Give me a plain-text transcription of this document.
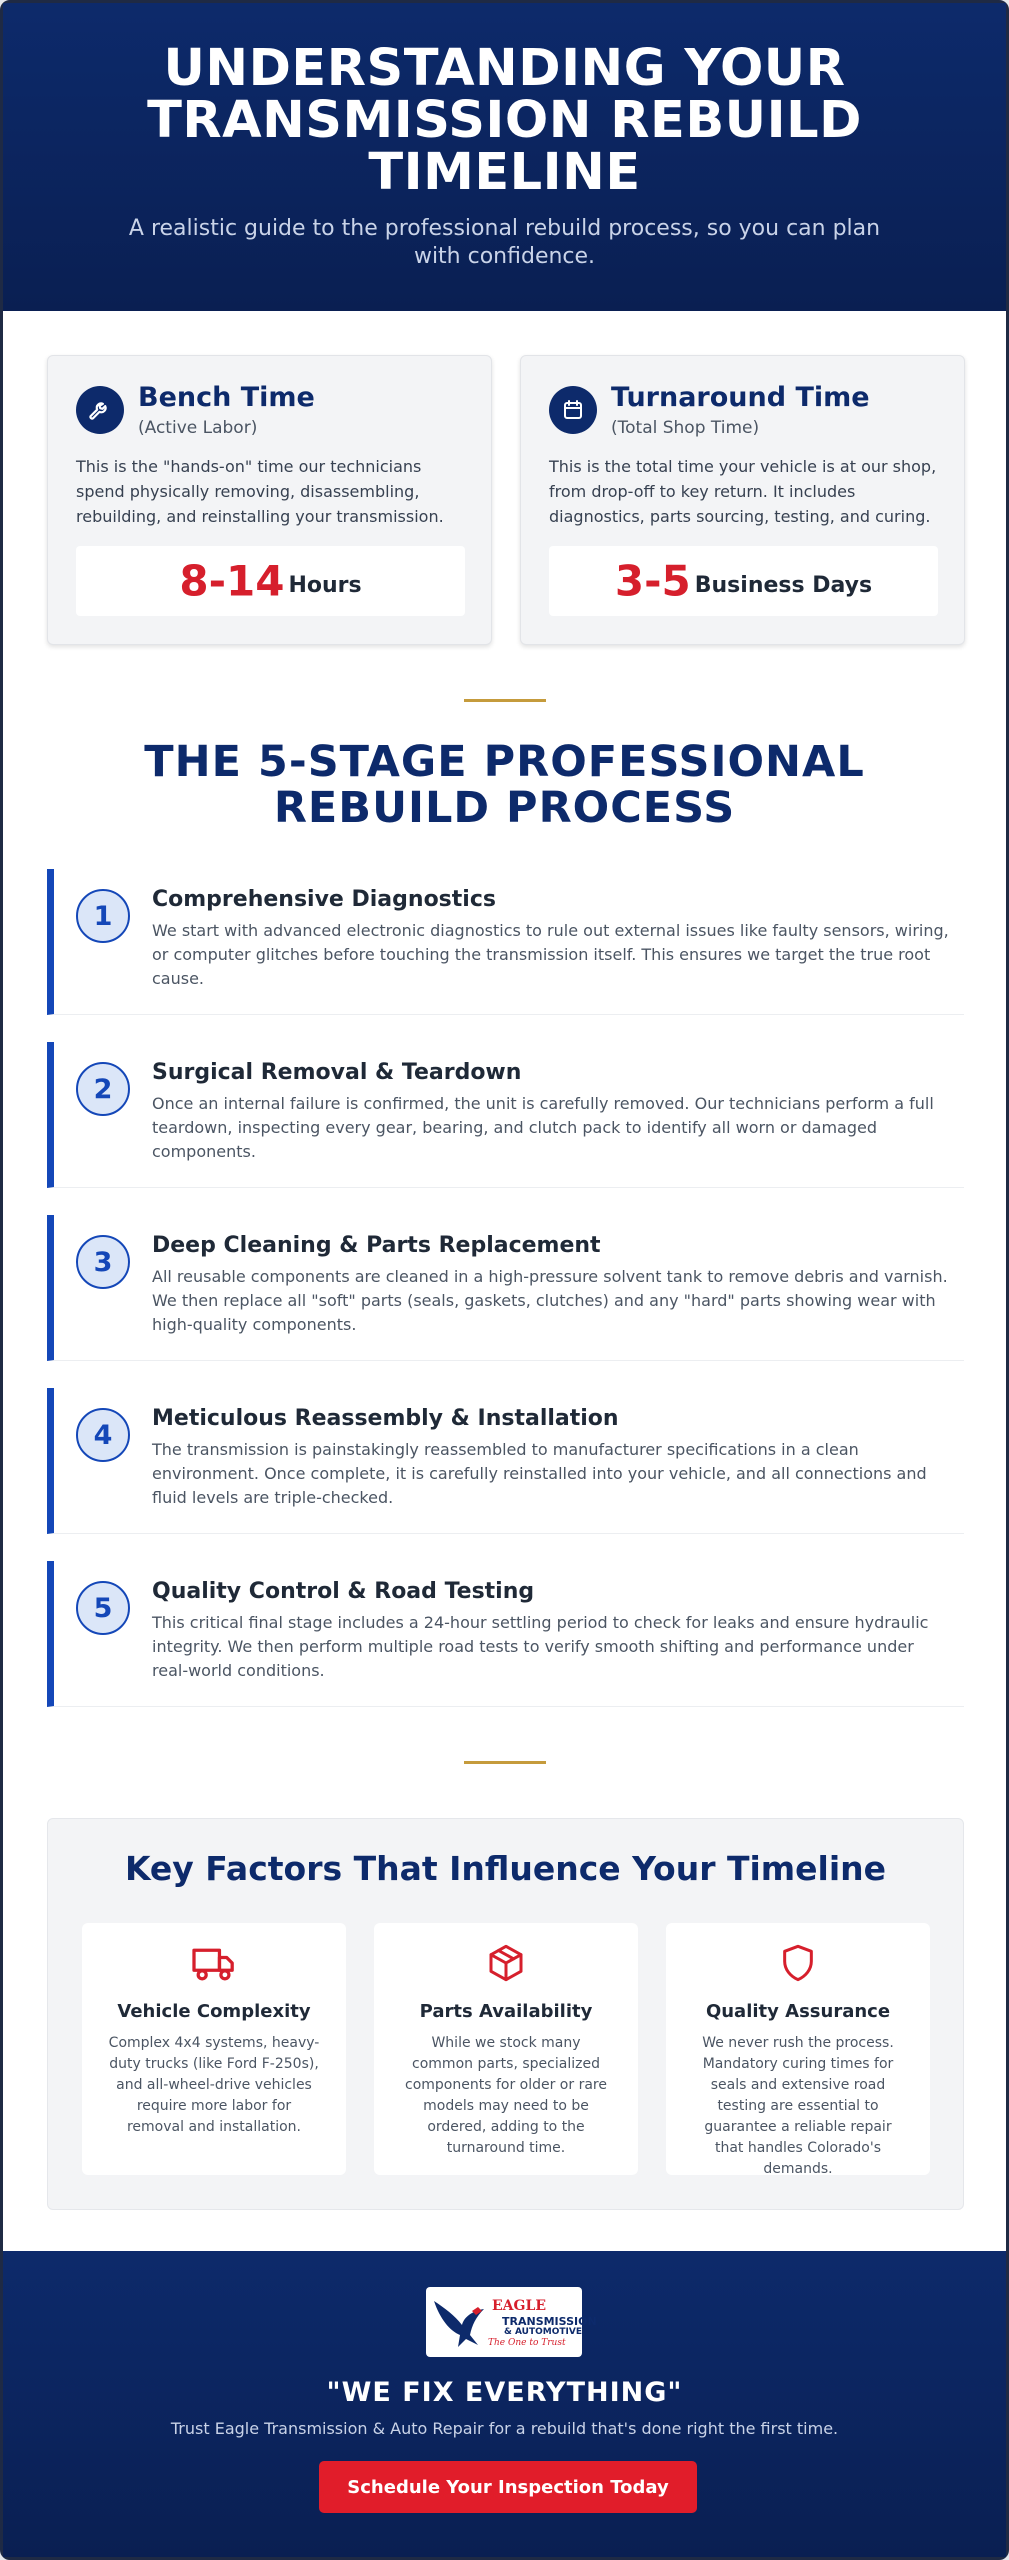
UNDERSTANDING YOUR TRANSMISSION REBUILD TIMELINE

A realistic guide to the professional rebuild process, so you can plan with confidence.

Bench Time
(Active Labor)
This is the "hands-on" time our technicians spend physically removing, disassembling, rebuilding, and reinstalling your transmission.
8-14 Hours
Turnaround Time
(Total Shop Time)
This is the total time your vehicle is at our shop, from drop-off to key return. It includes diagnostics, parts sourcing, testing, and curing.
3-5 Business Days
THE 5-STAGE PROFESSIONAL REBUILD PROCESS
1
Comprehensive Diagnostics
We start with advanced electronic diagnostics to rule out external issues like faulty sensors, wiring, or computer glitches before touching the transmission itself. This ensures we target the true root cause.
2
Surgical Removal & Teardown
Once an internal failure is confirmed, the unit is carefully removed. Our technicians perform a full teardown, inspecting every gear, bearing, and clutch pack to identify all worn or damaged components.
3
Deep Cleaning & Parts Replacement
All reusable components are cleaned in a high-pressure solvent tank to remove debris and varnish. We then replace all "soft" parts (seals, gaskets, clutches) and any "hard" parts showing wear with high-quality components.
4
Meticulous Reassembly & Installation
The transmission is painstakingly reassembled to manufacturer specifications in a clean environment. Once complete, it is carefully reinstalled into your vehicle, and all connections and fluid levels are triple-checked.
5
Quality Control & Road Testing
This critical final stage includes a 24-hour settling period to check for leaks and ensure hydraulic integrity. We then perform multiple road tests to verify smooth shifting and performance under real-world conditions.
Key Factors That Influence Your Timeline
Vehicle Complexity
Complex 4x4 systems, heavy-duty trucks (like Ford F-250s), and all-wheel-drive vehicles require more labor for removal and installation.
Parts Availability
While we stock many common parts, specialized components for older or rare models may need to be ordered, adding to the turnaround time.
Quality Assurance
We never rush the process. Mandatory curing times for seals and extensive road testing are essential to guarantee a reliable repair that handles Colorado's demands.
EAGLE
TRANSMISSION
& AUTOMOTIVE
The One to Trust
"WE FIX EVERYTHING"
Trust Eagle Transmission & Auto Repair for a rebuild that's done right the first time.
Schedule Your Inspection Today
